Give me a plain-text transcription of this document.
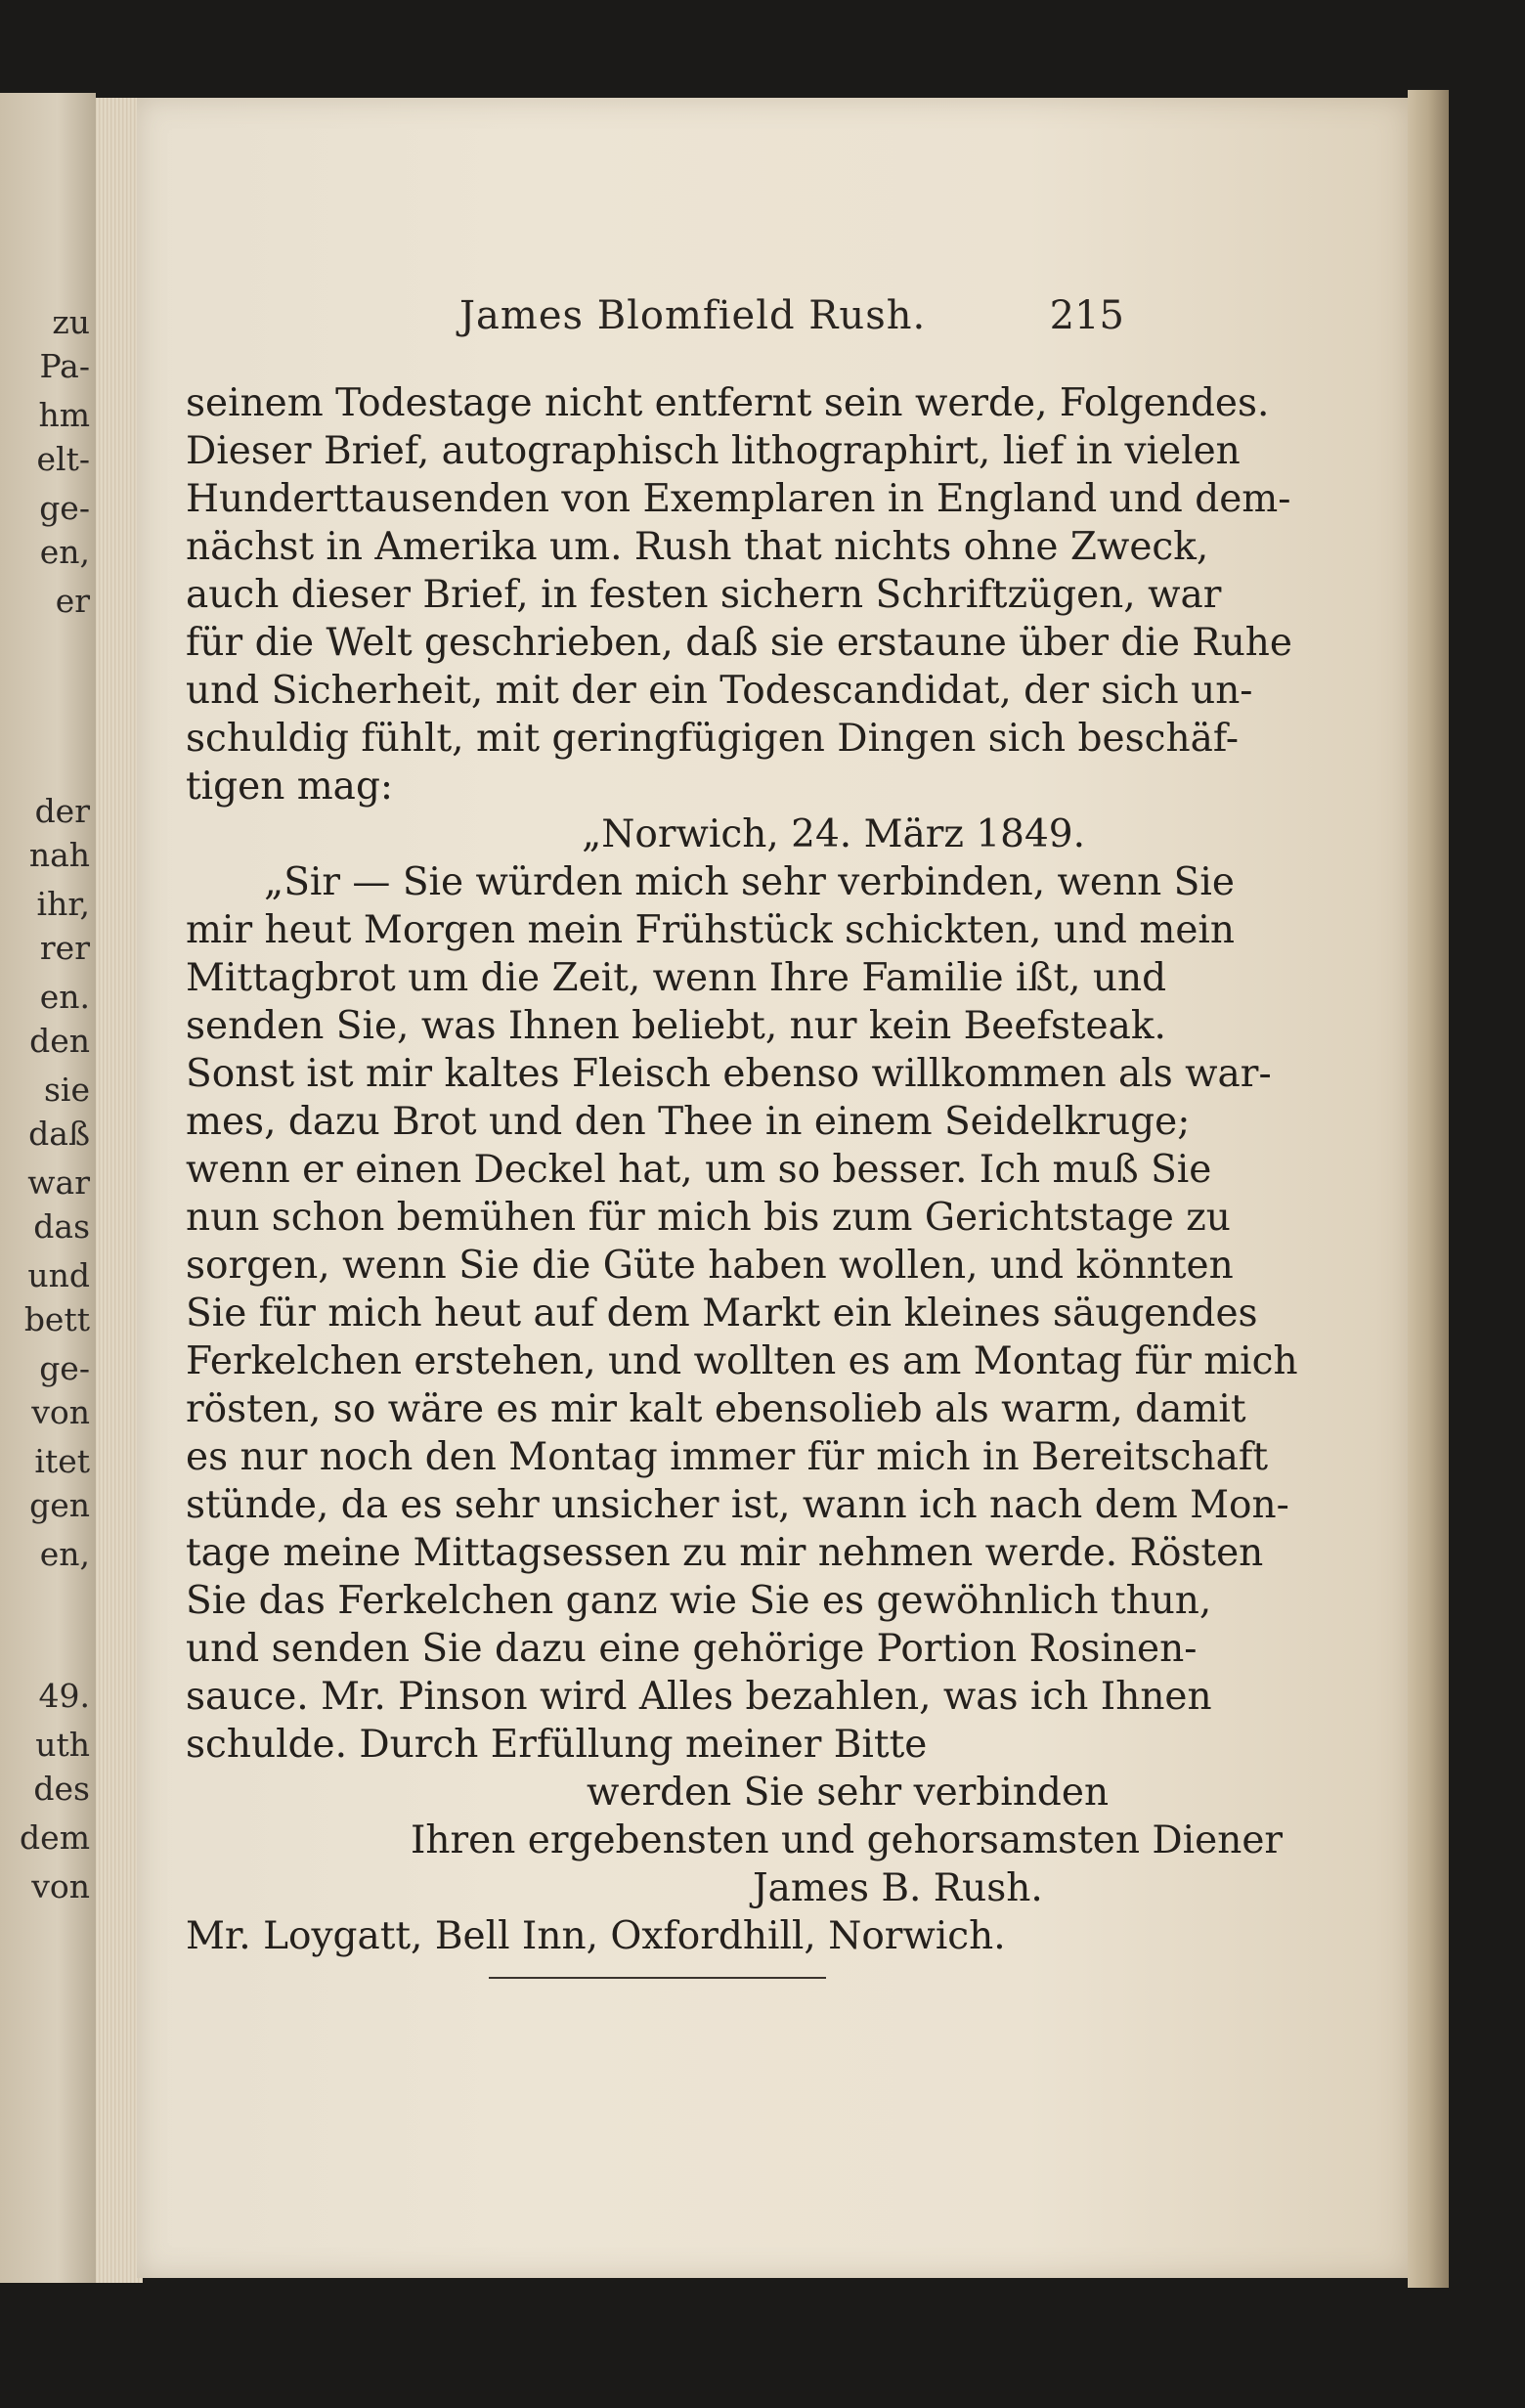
zu
Pa-
hm
elt-
ge-
en,
er
der
nah
ihr,
rer
en.
den
sie
daß
war
das
und
bett
ge-
von
itet
gen
en,
49.
uth
des
dem
von
James Blomfield Rush.	215
seinem Todestage nicht entfernt sein werde, Folgendes.
Dieser Brief, autographisch lithographirt, lief in vielen
Hunderttausenden von Exemplaren in England und dem-
nächst in Amerika um. Rush that nichts ohne Zweck,
auch dieser Brief, in festen sichern Schriftzügen, war
für die Welt geschrieben, daß sie erstaune über die Ruhe
und Sicherheit, mit der ein Todescandidat, der sich un-
schuldig fühlt, mit geringfügigen Dingen sich beschäf-
tigen mag:
„Norwich, 24. März 1849.
„Sir — Sie würden mich sehr verbinden, wenn Sie
mir heut Morgen mein Frühstück schickten, und mein
Mittagbrot um die Zeit, wenn Ihre Familie ißt, und
senden Sie, was Ihnen beliebt, nur kein Beefsteak.
Sonst ist mir kaltes Fleisch ebenso willkommen als war-
mes, dazu Brot und den Thee in einem Seidelkruge;
wenn er einen Deckel hat, um so besser. Ich muß Sie
nun schon bemühen für mich bis zum Gerichtstage zu
sorgen, wenn Sie die Güte haben wollen, und könnten
Sie für mich heut auf dem Markt ein kleines säugendes
Ferkelchen erstehen, und wollten es am Montag für mich
rösten, so wäre es mir kalt ebensolieb als warm, damit
es nur noch den Montag immer für mich in Bereitschaft
stünde, da es sehr unsicher ist, wann ich nach dem Mon-
tage meine Mittagsessen zu mir nehmen werde. Rösten
Sie das Ferkelchen ganz wie Sie es gewöhnlich thun,
und senden Sie dazu eine gehörige Portion Rosinen-
sauce. Mr. Pinson wird Alles bezahlen, was ich Ihnen
schulde. Durch Erfüllung meiner Bitte
werden Sie sehr verbinden
Ihren ergebensten und gehorsamsten Diener
James B. Rush.
Mr. Loygatt, Bell Inn, Oxfordhill, Norwich.
